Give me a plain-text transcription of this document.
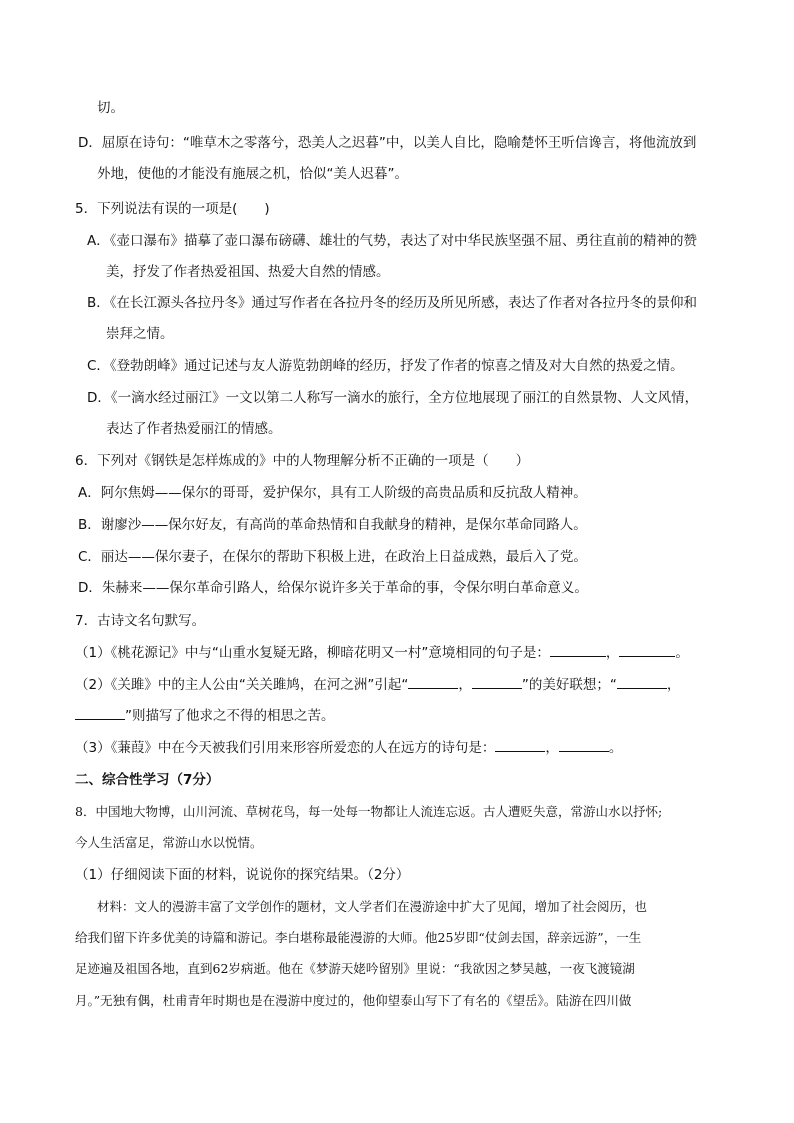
切。
D．屈原在诗句：“唯草木之零落兮，恐美人之迟暮”中，以美人自比，隐喻楚怀王听信谗言，将他流放到
外地，使他的才能没有施展之机，恰似“美人迟暮”。
5．下列说法有误的一项是(　　)
A．《壶口瀑布》描摹了壶口瀑布磅礴、雄壮的气势，表达了对中华民族坚强不屈、勇往直前的精神的赞
美，抒发了作者热爱祖国、热爱大自然的情感。
B．《在长江源头各拉丹冬》通过写作者在各拉丹冬的经历及所见所感，表达了作者对各拉丹冬的景仰和
崇拜之情。
C．《登勃朗峰》通过记述与友人游览勃朗峰的经历，抒发了作者的惊喜之情及对大自然的热爱之情。
D．《一滴水经过丽江》一文以第二人称写一滴水的旅行，全方位地展现了丽江的自然景物、人文风情，
表达了作者热爱丽江的情感。
6．下列对《钢铁是怎样炼成的》中的人物理解分析不正确的一项是（　　）
A．阿尔焦姆——保尔的哥哥，爱护保尔，具有工人阶级的高贵品质和反抗敌人精神。
B．谢廖沙——保尔好友，有高尚的革命热情和自我献身的精神，是保尔革命同路人。
C．丽达——保尔妻子，在保尔的帮助下积极上进，在政治上日益成熟，最后入了党。
D．朱赫来——保尔革命引路人，给保尔说许多关于革命的事，令保尔明白革命意义。
7．古诗文名句默写。
（1）《桃花源记》中与“山重水复疑无路，柳暗花明又一村”意境相同的句子是：	，	。
（2）《关雎》中的主人公由“关关雎鸠，在河之洲”引起“	，	”的美好联想；“	，
”则描写了他求之不得的相思之苦。
（3）《蒹葭》中在今天被我们引用来形容所爱恋的人在远方的诗句是：	，	。
二、综合性学习（7分）
8．中国地大物博，山川河流、草树花鸟，每一处每一物都让人流连忘返。古人遭贬失意，常游山水以抒怀;
今人生活富足，常游山水以悦情。
（1）仔细阅读下面的材料，说说你的探究结果。（2分）
材料：文人的漫游丰富了文学创作的题材，文人学者们在漫游途中扩大了见闻，增加了社会阅历，也
给我们留下许多优美的诗篇和游记。李白堪称最能漫游的大师。他25岁即“仗剑去国，辞亲远游”，一生
足迹遍及祖国各地，直到62岁病逝。他在《梦游天姥吟留别》里说：“我欲因之梦吴越，一夜飞渡镜湖
月。”无独有偶，杜甫青年时期也是在漫游中度过的，他仰望泰山写下了有名的《望岳》。陆游在四川做
